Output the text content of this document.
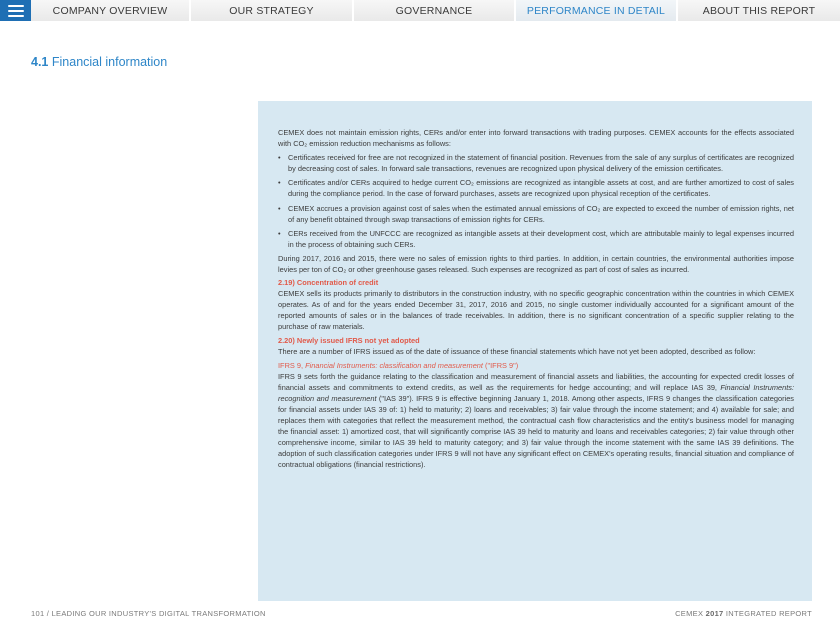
COMPANY OVERVIEW	OUR STRATEGY	GOVERNANCE	PERFORMANCE IN DETAIL	ABOUT THIS REPORT
4.1 Financial information

CEMEX does not maintain emission rights, CERs and/or enter into forward transactions with trading purposes. CEMEX accounts for the effects associated with CO₂ emission reduction mechanisms as follows:

• Certificates received for free are not recognized in the statement of financial position. Revenues from the sale of any surplus of certificates are recognized by decreasing cost of sales. In forward sale transactions, revenues are recognized upon physical delivery of the emission certificates.
• Certificates and/or CERs acquired to hedge current CO₂ emissions are recognized as intangible assets at cost, and are further amortized to cost of sales during the compliance period. In the case of forward purchases, assets are recognized upon physical reception of the certificates.
• CEMEX accrues a provision against cost of sales when the estimated annual emissions of CO₂ are expected to exceed the number of emission rights, net of any benefit obtained through swap transactions of emission rights for CERs.
• CERs received from the UNFCCC are recognized as intangible assets at their development cost, which are attributable mainly to legal expenses incurred in the process of obtaining such CERs.

During 2017, 2016 and 2015, there were no sales of emission rights to third parties. In addition, in certain countries, the environmental authorities impose levies per ton of CO₂ or other greenhouse gases released. Such expenses are recognized as part of cost of sales as incurred.

2.19) Concentration of credit

CEMEX sells its products primarily to distributors in the construction industry, with no specific geographic concentration within the countries in which CEMEX operates. As of and for the years ended December 31, 2017, 2016 and 2015, no single customer individually accounted for a significant amount of the reported amounts of sales or in the balances of trade receivables. In addition, there is no significant concentration of a specific supplier relating to the purchase of raw materials.

2.20) Newly issued IFRS not yet adopted

There are a number of IFRS issued as of the date of issuance of these financial statements which have not yet been adopted, described as follow:

IFRS 9, Financial Instruments: classification and measurement ("IFRS 9")

IFRS 9 sets forth the guidance relating to the classification and measurement of financial assets and liabilities, the accounting for expected credit losses of financial assets and commitments to extend credits, as well as the requirements for hedge accounting; and will replace IAS 39, Financial Instruments: recognition and measurement ("IAS 39"). IFRS 9 is effective beginning January 1, 2018. Among other aspects, IFRS 9 changes the classification categories for financial assets under IAS 39 of: 1) held to maturity; 2) loans and receivables; 3) fair value through the income statement; and 4) available for sale; and replaces them with categories that reflect the measurement method, the contractual cash flow characteristics and the entity's business model for managing the financial asset: 1) amortized cost, that will significantly comprise IAS 39 held to maturity and loans and receivables categories; 2) fair value through other comprehensive income, similar to IAS 39 held to maturity category; and 3) fair value through the income statement with the same IAS 39 definitions. The adoption of such classification categories under IFRS 9 will not have any significant effect on CEMEX's operating results, financial situation and compliance of contractual obligations (financial restrictions).

101 / LEADING OUR INDUSTRY'S DIGITAL TRANSFORMATION	CEMEX 2017 INTEGRATED REPORT
